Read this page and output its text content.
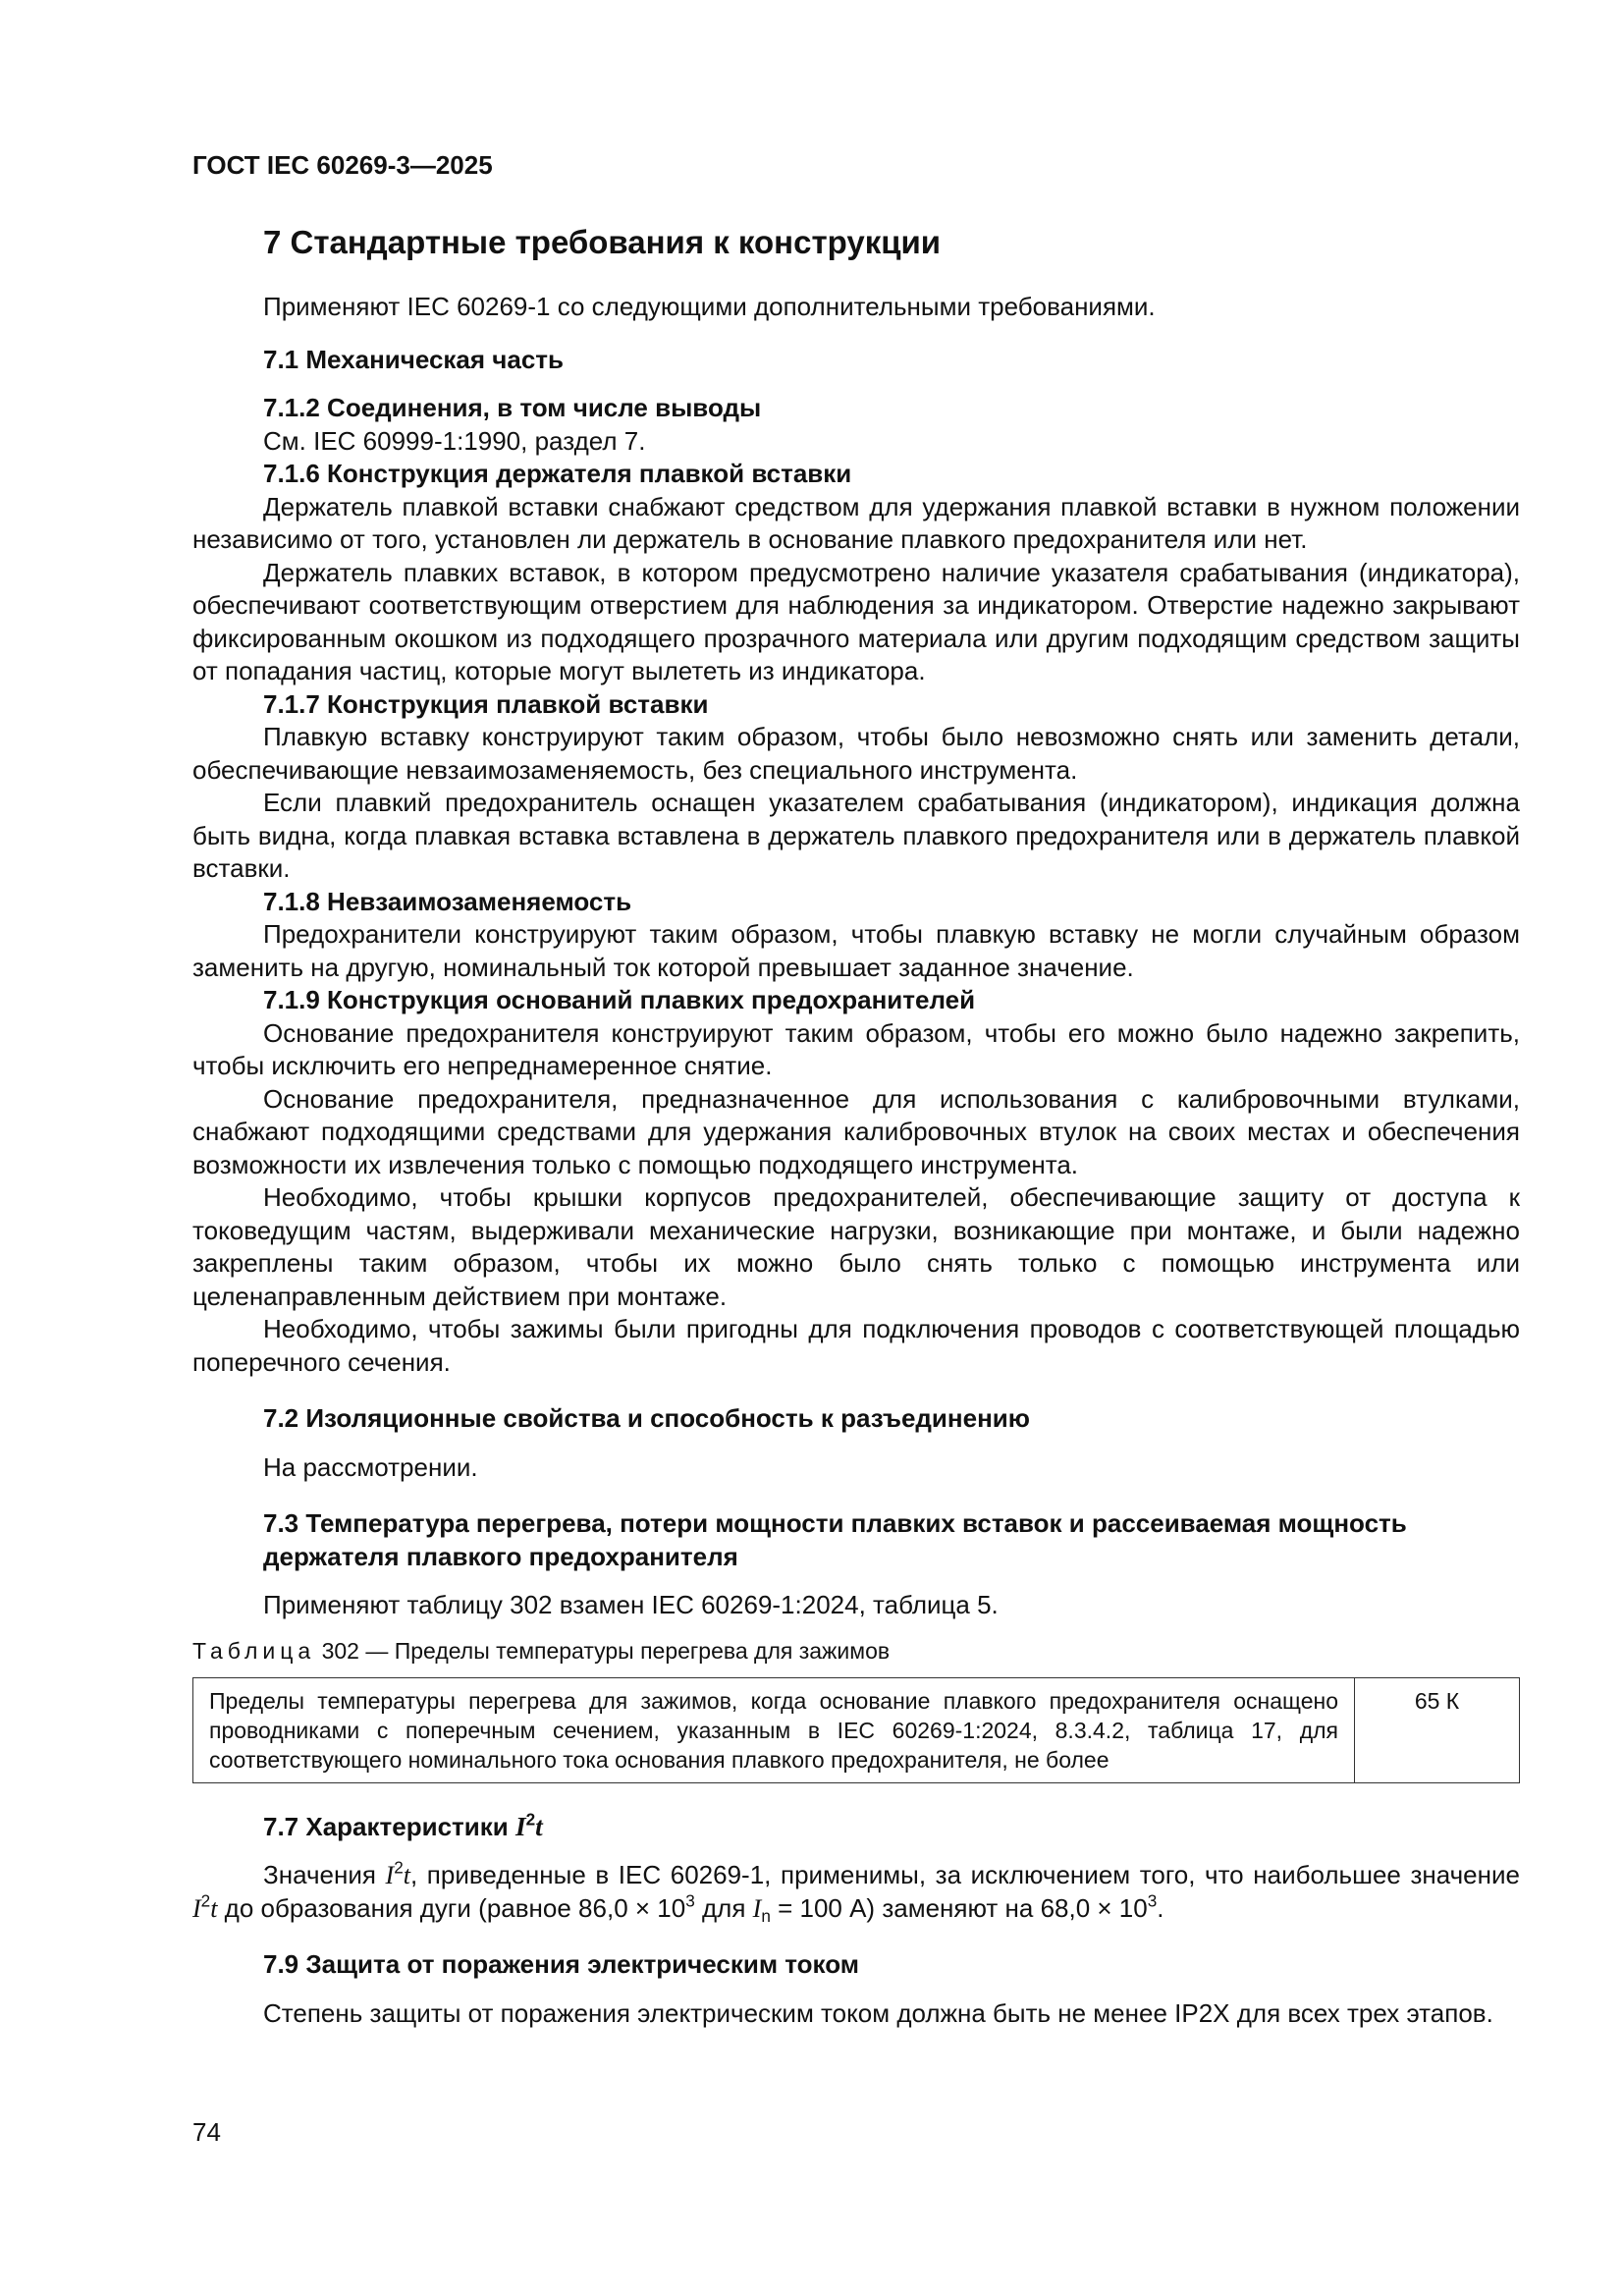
ГОСТ IEC 60269-3—2025
7 Стандартные требования к конструкции

Применяют IEC 60269-1 со следующими дополнительными требованиями.

7.1 Механическая часть
7.1.2 Соединения, в том числе выводы

См. IEC 60999-1:1990, раздел 7.

7.1.6 Конструкция держателя плавкой вставки

Держатель плавкой вставки снабжают средством для удержания плавкой вставки в нужном положении независимо от того, установлен ли держатель в основание плавкого предохранителя или нет.

Держатель плавких вставок, в котором предусмотрено наличие указателя срабатывания (индикатора), обеспечивают соответствующим отверстием для наблюдения за индикатором. Отверстие надежно закрывают фиксированным окошком из подходящего прозрачного материала или другим подходящим средством защиты от попадания частиц, которые могут вылететь из индикатора.

7.1.7 Конструкция плавкой вставки

Плавкую вставку конструируют таким образом, чтобы было невозможно снять или заменить детали, обеспечивающие невзаимозаменяемость, без специального инструмента.

Если плавкий предохранитель оснащен указателем срабатывания (индикатором), индикация должна быть видна, когда плавкая вставка вставлена в держатель плавкого предохранителя или в держатель плавкой вставки.

7.1.8 Невзаимозаменяемость

Предохранители конструируют таким образом, чтобы плавкую вставку не могли случайным образом заменить на другую, номинальный ток которой превышает заданное значение.

7.1.9 Конструкция оснований плавких предохранителей

Основание предохранителя конструируют таким образом, чтобы его можно было надежно закрепить, чтобы исключить его непреднамеренное снятие.

Основание предохранителя, предназначенное для использования с калибровочными втулками, снабжают подходящими средствами для удержания калибровочных втулок на своих местах и обеспечения возможности их извлечения только с помощью подходящего инструмента.

Необходимо, чтобы крышки корпусов предохранителей, обеспечивающие защиту от доступа к токоведущим частям, выдерживали механические нагрузки, возникающие при монтаже, и были надежно закреплены таким образом, чтобы их можно было снять только с помощью инструмента или целенаправленным действием при монтаже.

Необходимо, чтобы зажимы были пригодны для подключения проводов с соответствующей площадью поперечного сечения.

7.2 Изоляционные свойства и способность к разъединению

На рассмотрении.

7.3 Температура перегрева, потери мощности плавких вставок и рассеиваемая мощность держателя плавкого предохранителя

Применяют таблицу 302 взамен IEC 60269-1:2024, таблица 5.

Таблица 302 — Пределы температуры перегрева для зажимов
Пределы температуры перегрева для зажимов, когда основание плавкого предохранителя оснащено проводниками с поперечным сечением, указанным в IEC 60269-1:2024, 8.3.4.2, таблица 17, для соответствующего номинального тока основания плавкого предохранителя, не более	65 К
7.7 Характеристики $I^2t$

Значения $I^2t$, приведенные в IEC 60269-1, применимы, за исключением того, что наибольшее значение $I^2t$ до образования дуги (равное $86,0 \times 10^3$ для $I_n = 100$ А) заменяют на $68,0 \times 10^3$.

7.9 Защита от поражения электрическим током

Степень защиты от поражения электрическим током должна быть не менее IP2X для всех трех этапов.

74
